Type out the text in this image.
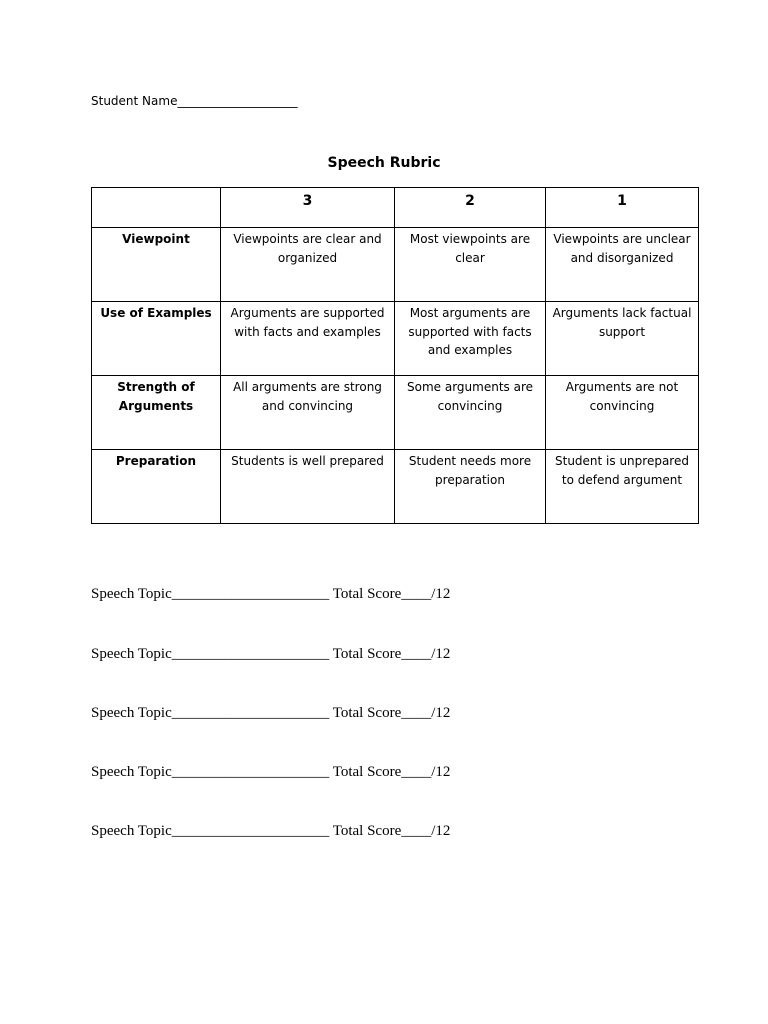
Student Name____________________
Speech Rubric
	3	2	1
Viewpoint	Viewpoints are clear and organized	Most viewpoints are clear	Viewpoints are unclear and disorganized
Use of Examples	Arguments are supported with facts and examples	Most arguments are supported with facts and examples	Arguments lack factual support
Strength of Arguments	All arguments are strong and convincing	Some arguments are convincing	Arguments are not convincing
Preparation	Students is well prepared	Student needs more preparation	Student is unprepared to defend argument
Speech Topic_____________________ Total Score____/12
Speech Topic_____________________ Total Score____/12
Speech Topic_____________________ Total Score____/12
Speech Topic_____________________ Total Score____/12
Speech Topic_____________________ Total Score____/12
